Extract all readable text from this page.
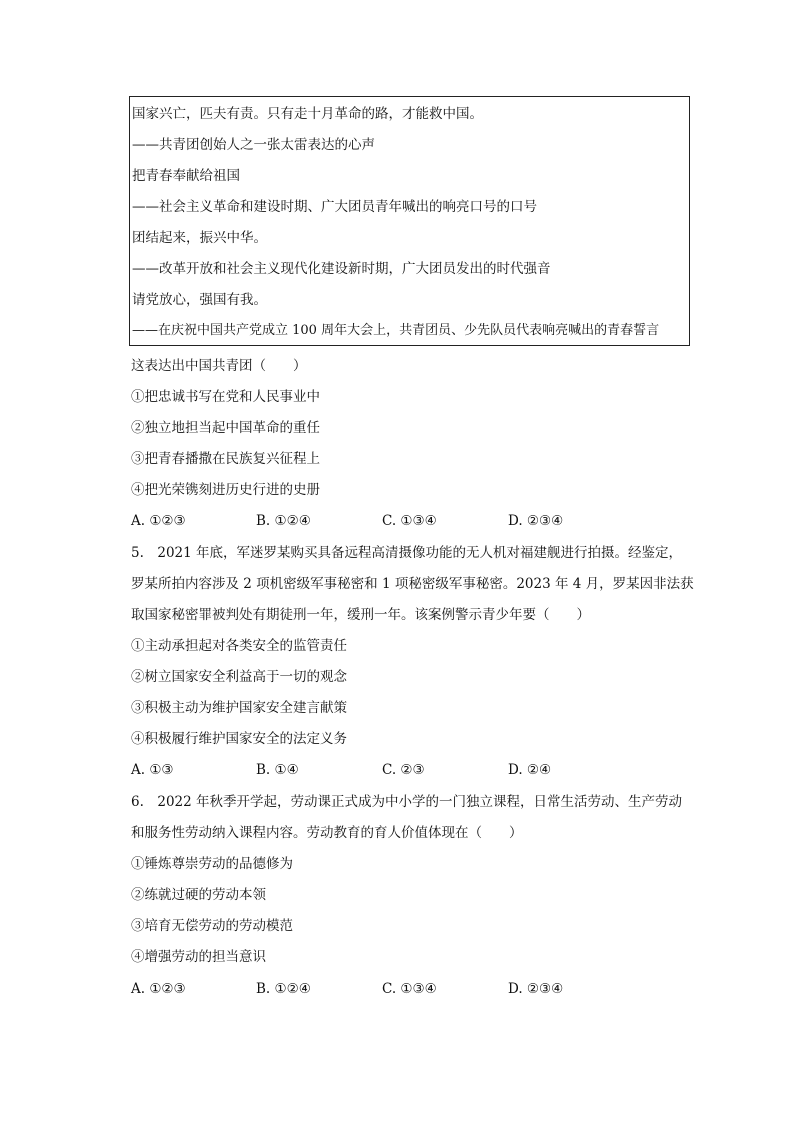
国家兴亡，匹夫有责。只有走十月革命的路，才能救中国。
——共青团创始人之一张太雷表达的心声
把青春奉献给祖国
——社会主义革命和建设时期、广大团员青年喊出的响亮口号的口号
团结起来，振兴中华。
——改革开放和社会主义现代化建设新时期，广大团员发出的时代强音
请党放心，强国有我。
——在庆祝中国共产党成立 100 周年大会上，共青团员、少先队员代表响亮喊出的青春誓言
这表达出中国共青团（　　）
①把忠诚书写在党和人民事业中
②独立地担当起中国革命的重任
③把青春播撒在民族复兴征程上
④把光荣镌刻进历史行进的史册
A. ①②③	B. ①②④	C. ①③④	D. ②③④
5.　2021 年底，军迷罗某购买具备远程高清摄像功能的无人机对福建舰进行拍摄。经鉴定，
罗某所拍内容涉及 2 项机密级军事秘密和 1 项秘密级军事秘密。2023 年 4 月，罗某因非法获
取国家秘密罪被判处有期徒刑一年，缓刑一年。该案例警示青少年要（　　）
①主动承担起对各类安全的监管责任
②树立国家安全利益高于一切的观念
③积极主动为维护国家安全建言献策
④积极履行维护国家安全的法定义务
A. ①③	B. ①④	C. ②③	D. ②④
6.　2022 年秋季开学起，劳动课正式成为中小学的一门独立课程，日常生活劳动、生产劳动
和服务性劳动纳入课程内容。劳动教育的育人价值体现在（　　）
①锤炼尊崇劳动的品德修为
②练就过硬的劳动本领
③培育无偿劳动的劳动模范
④增强劳动的担当意识
A. ①②③	B. ①②④	C. ①③④	D. ②③④
